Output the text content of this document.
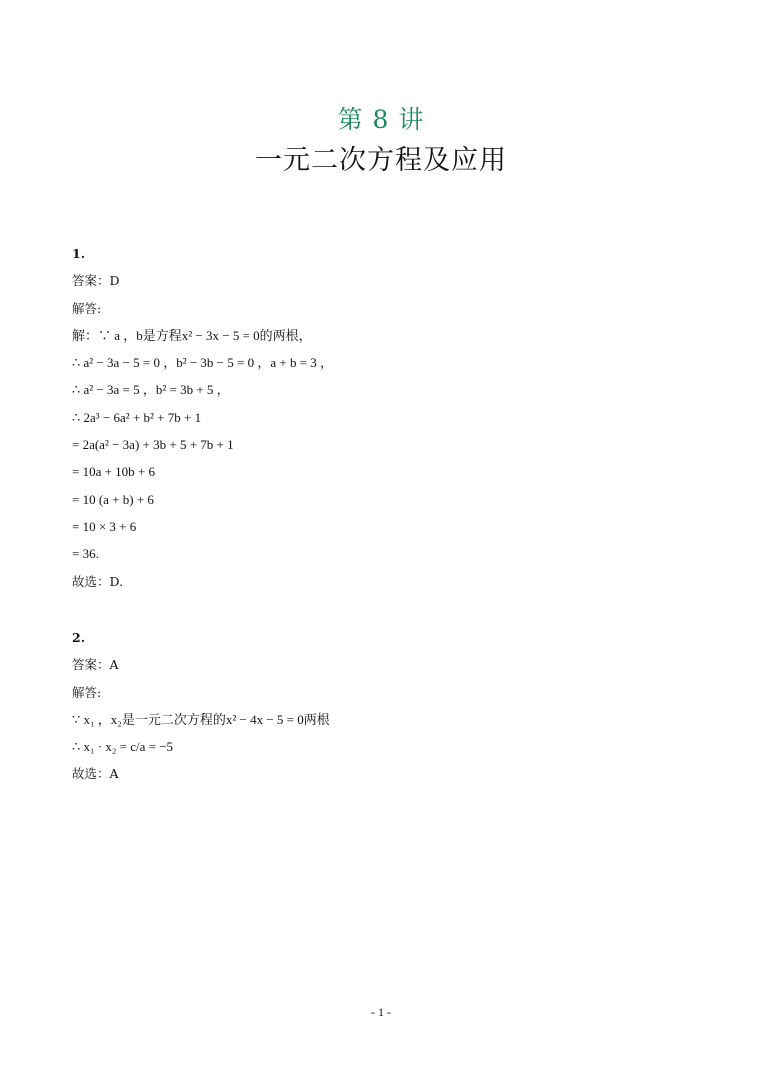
第 8 讲
一元二次方程及应用
1.
答案：D
解答:
解：∵ a ，b是方程x² − 3x − 5 = 0的两根，
∴ a² − 3a − 5 = 0 ，b² − 3b − 5 = 0 ，a + b = 3 ，
∴ a² − 3a = 5 ，b² = 3b + 5 ，
∴ 2a³ − 6a² + b² + 7b + 1
= 2a(a² − 3a) + 3b + 5 + 7b + 1
= 10a + 10b + 6
= 10 (a + b) + 6
= 10 × 3 + 6
= 36.
故选：D.
2.
答案：A
解答:
∵ x₁ ，x₂是一元二次方程的x² − 4x − 5 = 0两根
∴ x₁ · x₂ = c/a = −5
故选：A
- 1 -
